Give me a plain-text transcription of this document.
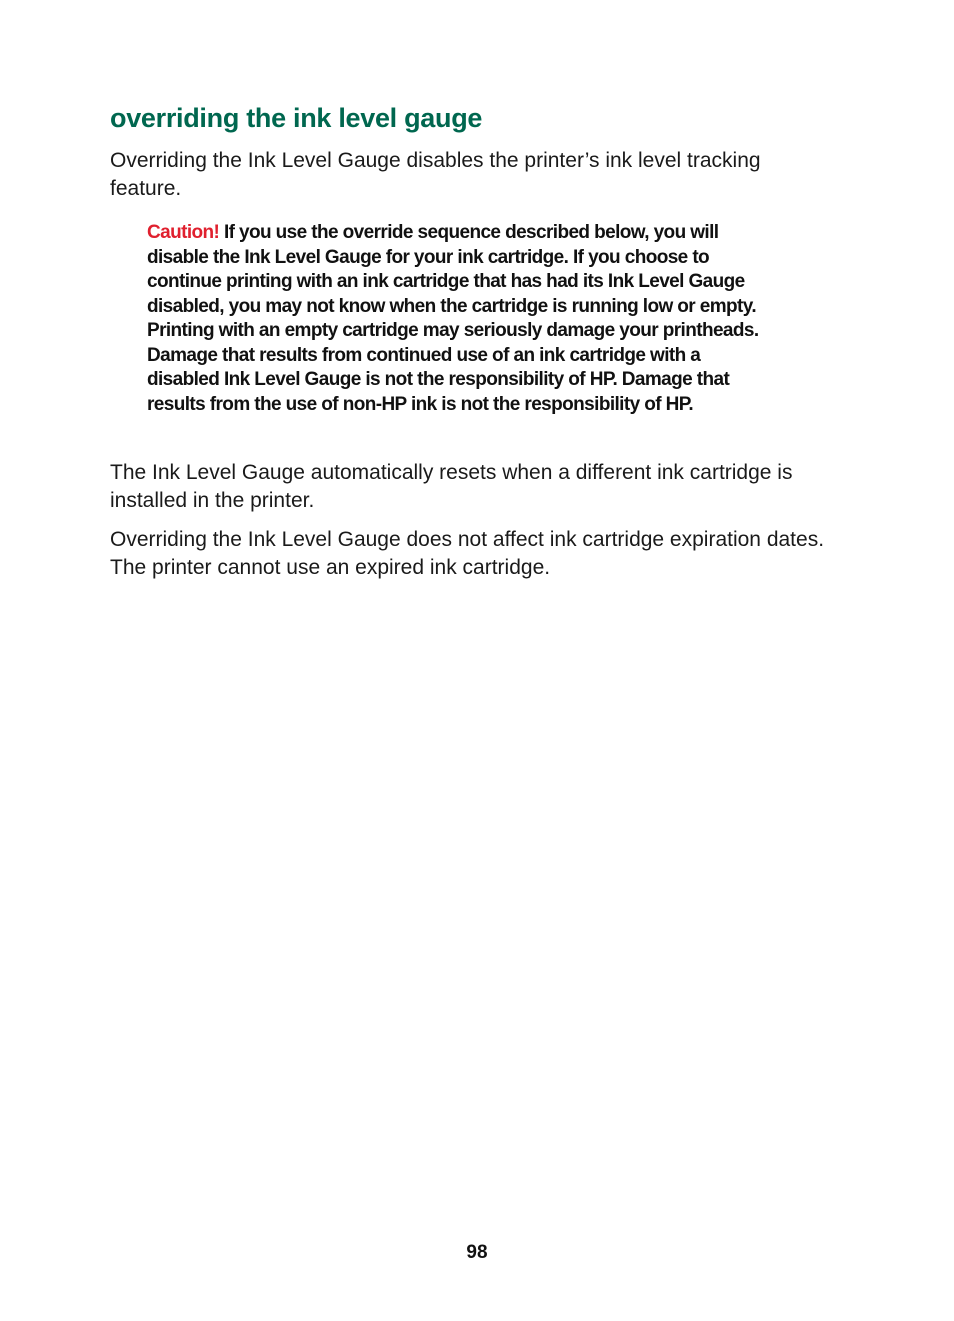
overriding the ink level gauge

Overriding the Ink Level Gauge disables the printer’s ink level tracking feature.

Caution! If you use the override sequence described below, you will disable the Ink Level Gauge for your ink cartridge. If you choose to continue printing with an ink cartridge that has had its Ink Level Gauge disabled, you may not know when the cartridge is running low or empty. Printing with an empty cartridge may seriously damage your printheads. Damage that results from continued use of an ink cartridge with a disabled Ink Level Gauge is not the responsibility of HP. Damage that results from the use of non-HP ink is not the responsibility of HP.

The Ink Level Gauge automatically resets when a different ink cartridge is installed in the printer.

Overriding the Ink Level Gauge does not affect ink cartridge expiration dates. The printer cannot use an expired ink cartridge.

98
